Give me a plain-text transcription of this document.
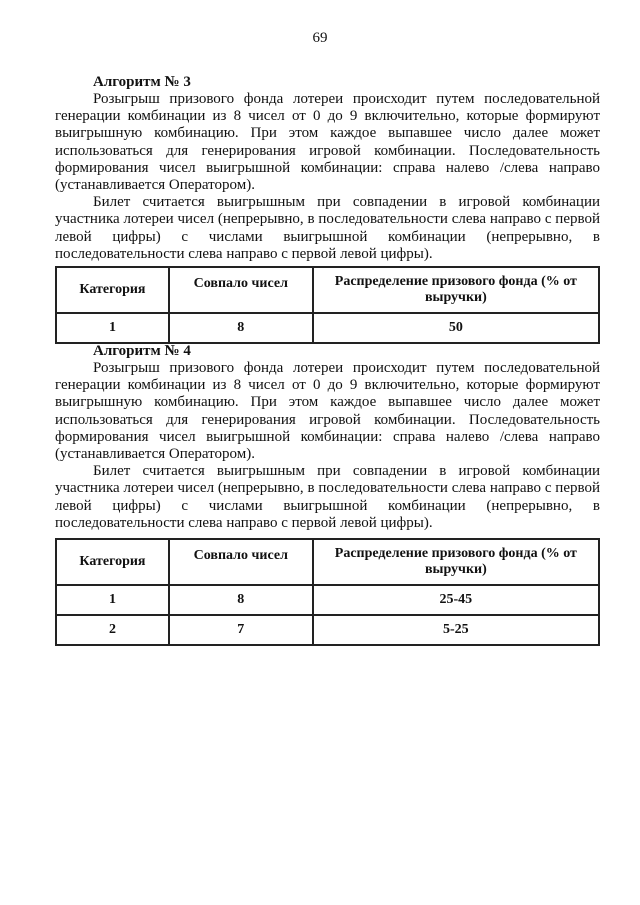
69
Алгоритм № 3

Розыгрыш призового фонда лотереи происходит путем последовательной генерации комбинации из 8 чисел от 0 до 9 включительно, которые формируют выигрышную комбинацию. При этом каждое выпавшее число далее может использоваться для генерирования игровой комбинации. Последовательность формирования чисел выигрышной комбинации: справа налево /слева направо (устанавливается Оператором).

Билет считается выигрышным при совпадении в игровой комбинации участника лотереи чисел (непрерывно, в последовательности слева направо с первой левой цифры) с числами выигрышной комбинации (непрерывно, в последовательности слева направо с первой левой цифры).

Категория	Совпало чисел	Распределение призового фонда (% от выручки)
1	8	50
Алгоритм № 4

Розыгрыш призового фонда лотереи происходит путем последовательной генерации комбинации из 8 чисел от 0 до 9 включительно, которые формируют выигрышную комбинацию. При этом каждое выпавшее число далее может использоваться для генерирования игровой комбинации. Последовательность формирования чисел выигрышной комбинации: справа налево /слева направо (устанавливается Оператором).

Билет считается выигрышным при совпадении в игровой комбинации участника лотереи чисел (непрерывно, в последовательности слева направо с первой левой цифры) с числами выигрышной комбинации (непрерывно, в последовательности слева направо с первой левой цифры).

Категория	Совпало чисел	Распределение призового фонда (% от выручки)
1	8	25-45
2	7	5-25
